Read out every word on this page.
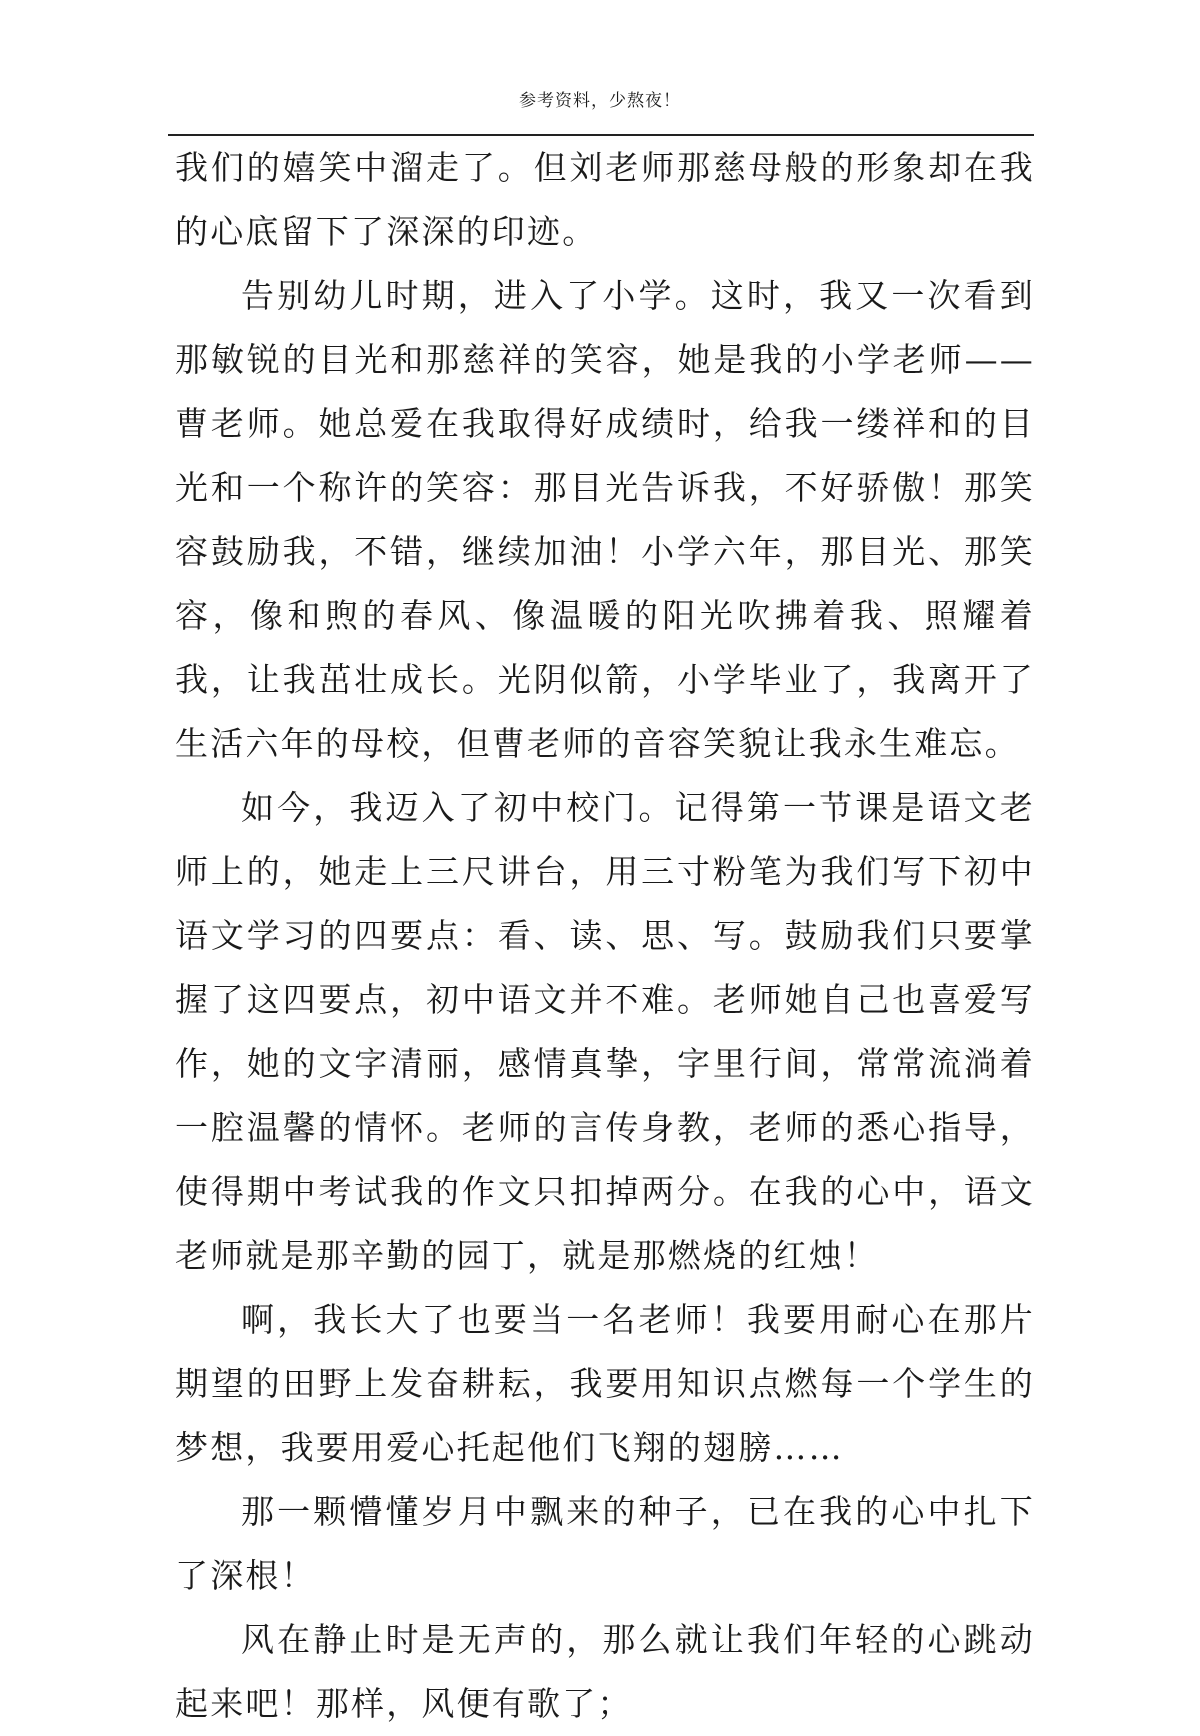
参考资料，少熬夜！

我们的嬉笑中溜走了。但刘老师那慈母般的形象却在我的心底留下了深深的印迹。

告别幼儿时期，进入了小学。这时，我又一次看到那敏锐的目光和那慈祥的笑容，她是我的小学老师——曹老师。她总爱在我取得好成绩时，给我一缕祥和的目光和一个称许的笑容：那目光告诉我，不好骄傲！那笑容鼓励我，不错，继续加油！小学六年，那目光、那笑容，像和煦的春风、像温暖的阳光吹拂着我、照耀着我，让我茁壮成长。光阴似箭，小学毕业了，我离开了生活六年的母校，但曹老师的音容笑貌让我永生难忘。

如今，我迈入了初中校门。记得第一节课是语文老师上的，她走上三尺讲台，用三寸粉笔为我们写下初中语文学习的四要点：看、读、思、写。鼓励我们只要掌握了这四要点，初中语文并不难。老师她自己也喜爱写作，她的文字清丽，感情真挚，字里行间，常常流淌着一腔温馨的情怀。老师的言传身教，老师的悉心指导，使得期中考试我的作文只扣掉两分。在我的心中，语文老师就是那辛勤的园丁，就是那燃烧的红烛！

啊，我长大了也要当一名老师！我要用耐心在那片期望的田野上发奋耕耘，我要用知识点燃每一个学生的梦想，我要用爱心托起他们飞翔的翅膀……

那一颗懵懂岁月中飘来的种子，已在我的心中扎下了深根！

风在静止时是无声的，那么就让我们年轻的心跳动起来吧！那样，风便有歌了；
